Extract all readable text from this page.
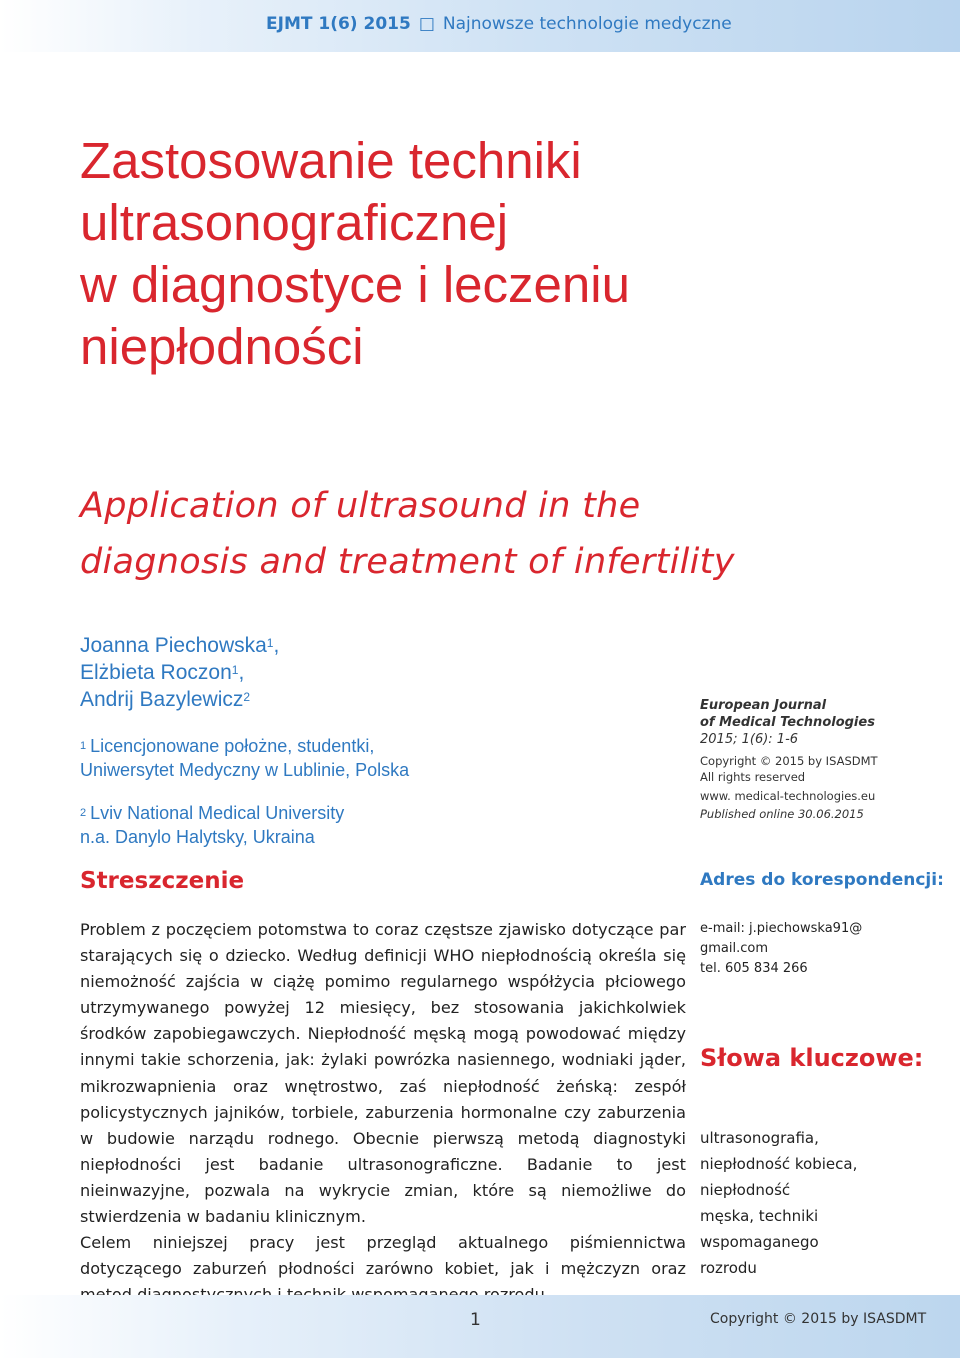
EJMT 1(6) 2015 □ Najnowsze technologie medyczne
Zastosowanie techniki
ultrasonograficznej
w diagnostyce i leczeniu
niepłodności
Application of ultrasound in the
diagnosis and treatment of infertility
Joanna Piechowska$^1$,
Elżbieta Roczon$^1$,
Andrij Bazylewicz$^2$
$^1$ Licencjonowane położne, studentki,
Uniwersytet Medyczny w Lublinie, Polska
$^2$ Lviv National Medical University
n.a. Danylo Halytsky, Ukraina
Streszczenie

Problem z poczęciem potomstwa to coraz częstsze zjawisko dotyczące par starających się o dziecko. Według definicji WHO niepłodnością określa się niemożność zajścia w ciążę pomimo regularnego współżycia płciowego utrzymywanego powyżej 12 miesięcy, bez stosowania jakichkolwiek środków zapobiegawczych. Niepłodność męską mogą powodować między innymi takie schorzenia, jak: żylaki powrózka nasiennego, wodniaki jąder, mikrozwapnienia oraz wnętrostwo, zaś niepłodność żeńską: zespół policystycznych jajników, torbiele, zaburzenia hormonalne czy zaburzenia w budowie narządu rodnego. Obecnie pierwszą metodą diagnostyki niepłodności jest badanie ultrasonograficzne. Badanie to jest nieinwazyjne, pozwala na wykrycie zmian, które są niemożliwe do stwierdzenia w badaniu klinicznym.

Celem niniejszej pracy jest przegląd aktualnego piśmiennictwa dotyczącego zaburzeń płodności zarówno kobiet, jak i mężczyzn oraz

European Journal
of Medical Technologies
2015; 1(6): 1-6
Copyright © 2015 by ISASDMT
All rights reserved
www. medical-technologies.eu
Published online 30.06.2015
Adres do korespondencji:
e-mail: j.piechowska91@
gmail.com
tel. 605 834 266
Słowa kluczowe:
ultrasonografia,
niepłodność kobieca,
niepłodność
męska, techniki
wspomaganego
rozrodu
1	Copyright © 2015 by ISASDMT
